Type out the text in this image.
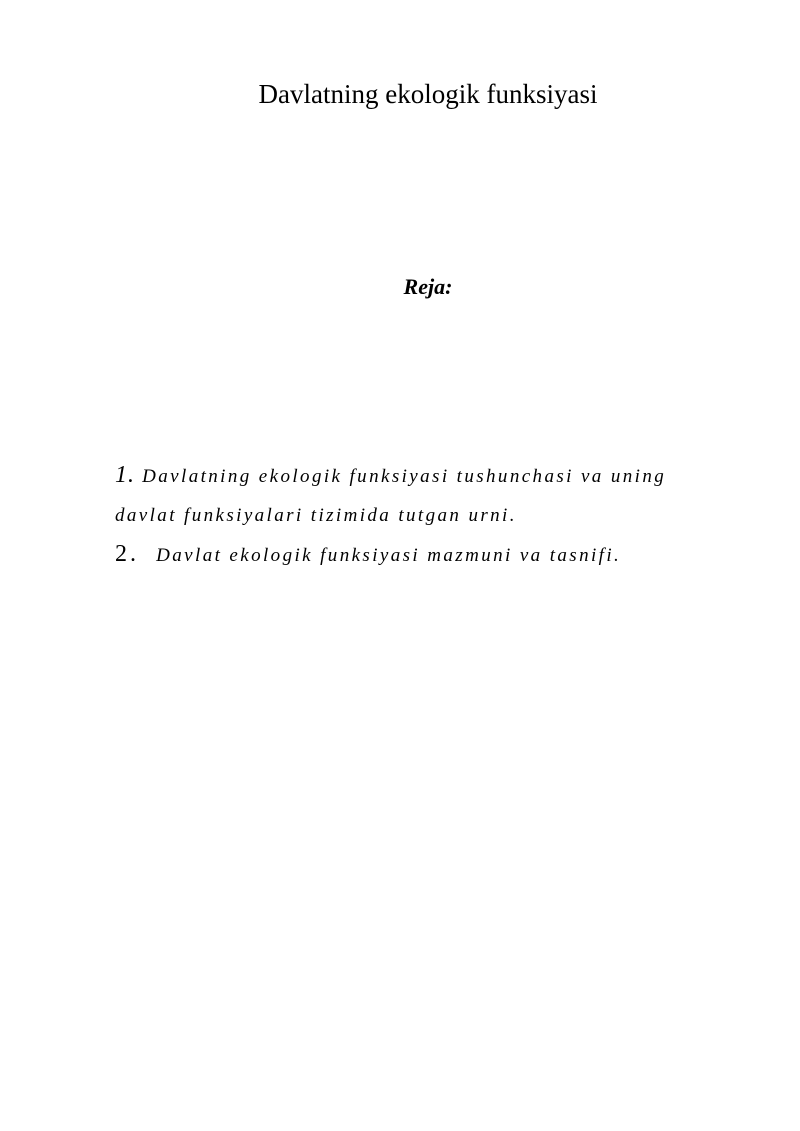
Davlatning ekologik funksiyasi
Reja:
1. Davlatning ekologik funksiyasi tushunchasi va uning davlat funksiyalari tizimida tutgan urni.
2. Davlat ekologik funksiyasi mazmuni va tasnifi.
